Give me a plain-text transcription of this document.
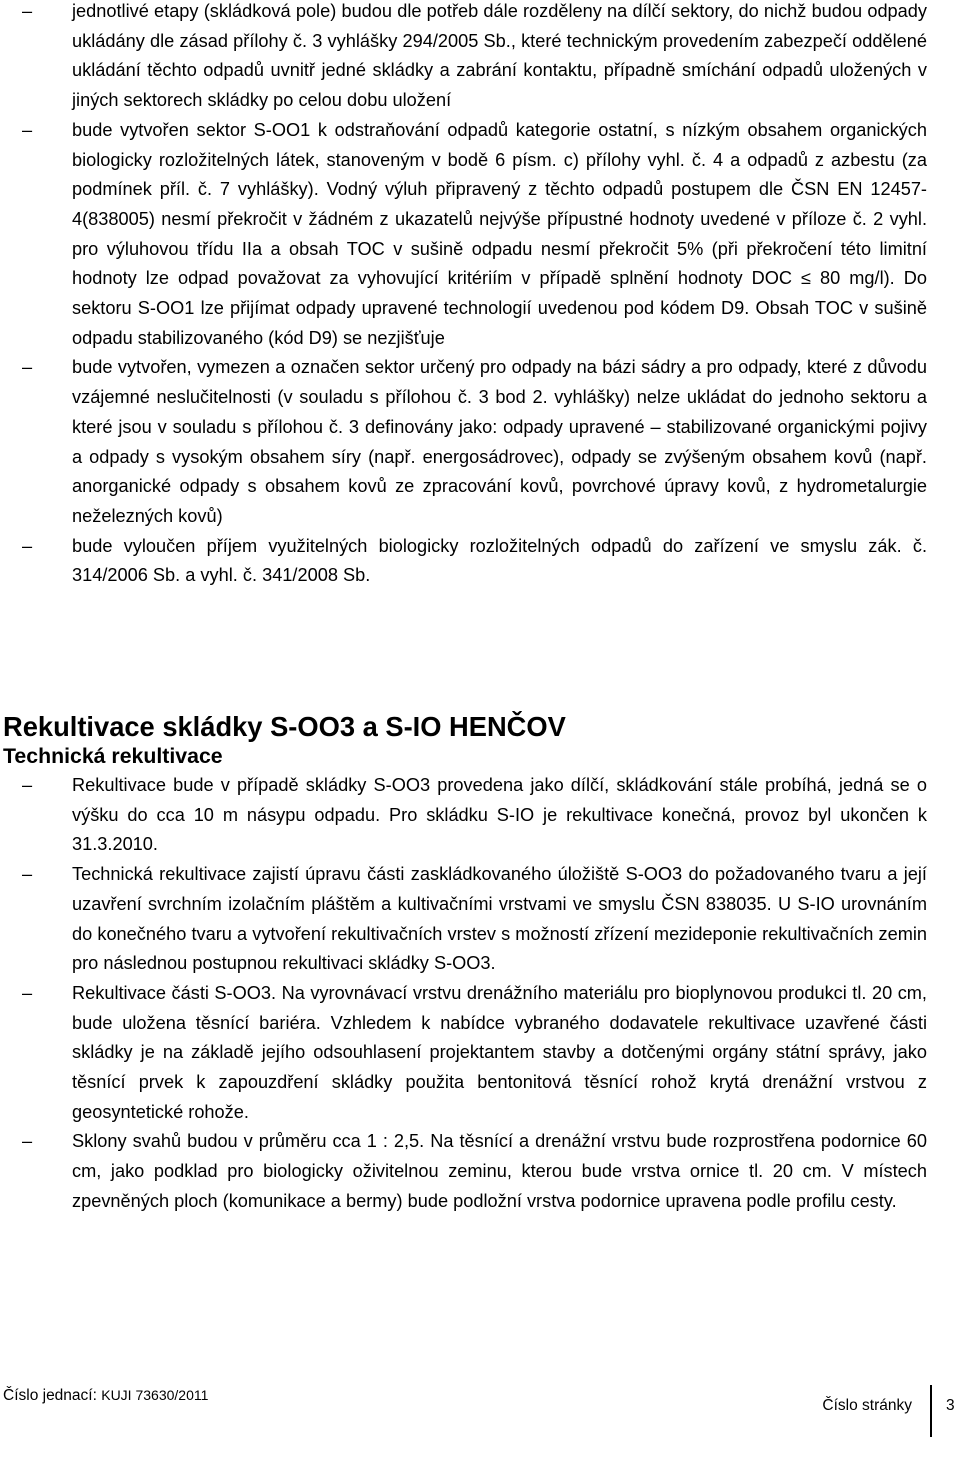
–	jednotlivé etapy (skládková pole) budou dle potřeb dále rozděleny na dílčí sektory, do nichž budou odpady ukládány dle zásad přílohy č. 3 vyhlášky 294/2005 Sb., které technickým provedením zabezpečí oddělené ukládání těchto odpadů uvnitř jedné skládky a zabrání kontaktu, případně smíchání odpadů uložených v jiných sektorech skládky po celou dobu uložení
–	bude vytvořen sektor S-OO1 k odstraňování odpadů kategorie ostatní, s nízkým obsahem organických biologicky rozložitelných látek, stanoveným v bodě 6 písm. c) přílohy vyhl. č. 4 a odpadů z azbestu (za podmínek příl. č. 7 vyhlášky). Vodný výluh připravený z těchto odpadů postupem dle ČSN EN 12457-4(838005) nesmí překročit v žádném z ukazatelů nejvýše přípustné hodnoty uvedené v příloze č. 2 vyhl. pro výluhovou třídu IIa a obsah TOC v sušině odpadu nesmí překročit 5% (při překročení této limitní hodnoty lze odpad považovat za vyhovující kritériím v případě splnění hodnoty DOC ≤ 80 mg/l). Do sektoru S-OO1 lze přijímat odpady upravené technologií uvedenou pod kódem D9. Obsah TOC v sušině odpadu stabilizovaného (kód D9) se nezjišťuje
–	bude vytvořen, vymezen a označen sektor určený pro odpady na bázi sádry a pro odpady, které z důvodu vzájemné neslučitelnosti (v souladu s přílohou č. 3 bod 2. vyhlášky) nelze ukládat do jednoho sektoru a které jsou v souladu s přílohou č. 3 definovány jako: odpady upravené – stabilizované organickými pojivy a odpady s vysokým obsahem síry (např. energosádrovec), odpady se zvýšeným obsahem kovů (např. anorganické odpady s obsahem kovů ze zpracování kovů, povrchové úpravy kovů, z hydrometalurgie neželezných kovů)
–	bude vyloučen příjem využitelných biologicky rozložitelných odpadů do zařízení ve smyslu zák. č. 314/2006 Sb. a vyhl. č. 341/2008 Sb.
Rekultivace skládky S-OO3 a S-IO HENČOV
Technická rekultivace
–	Rekultivace bude v případě skládky S-OO3 provedena jako dílčí, skládkování stále probíhá, jedná se o výšku do cca 10 m násypu odpadu. Pro skládku S-IO je rekultivace konečná, provoz byl ukončen k 31.3.2010.
–	Technická rekultivace zajistí úpravu části zaskládkovaného úložiště S-OO3 do požadovaného tvaru a její uzavření svrchním izolačním pláštěm a kultivačními vrstvami ve smyslu ČSN 838035. U S-IO urovnáním do konečného tvaru a vytvoření rekultivačních vrstev s možností zřízení mezideponie rekultivačních zemin pro následnou postupnou rekultivaci skládky S-OO3.
–	Rekultivace části S-OO3. Na vyrovnávací vrstvu drenážního materiálu pro bioplynovou produkci tl. 20 cm, bude uložena těsnící bariéra. Vzhledem k nabídce vybraného dodavatele rekultivace uzavřené části skládky je na základě jejího odsouhlasení projektantem stavby a dotčenými orgány státní správy, jako těsnící prvek k zapouzdření skládky použita bentonitová těsnící rohož krytá drenážní vrstvou z geosyntetické rohože.
–	Sklony svahů budou v průměru cca 1 : 2,5. Na těsnící a drenážní vrstvu bude rozprostřena podornice 60 cm, jako podklad pro biologicky oživitelnou zeminu, kterou bude vrstva ornice tl. 20 cm. V místech zpevněných ploch (komunikace a bermy) bude podložní vrstva podornice upravena podle profilu cesty.
Číslo jednací: KUJI 73630/2011
Číslo stránky 3
